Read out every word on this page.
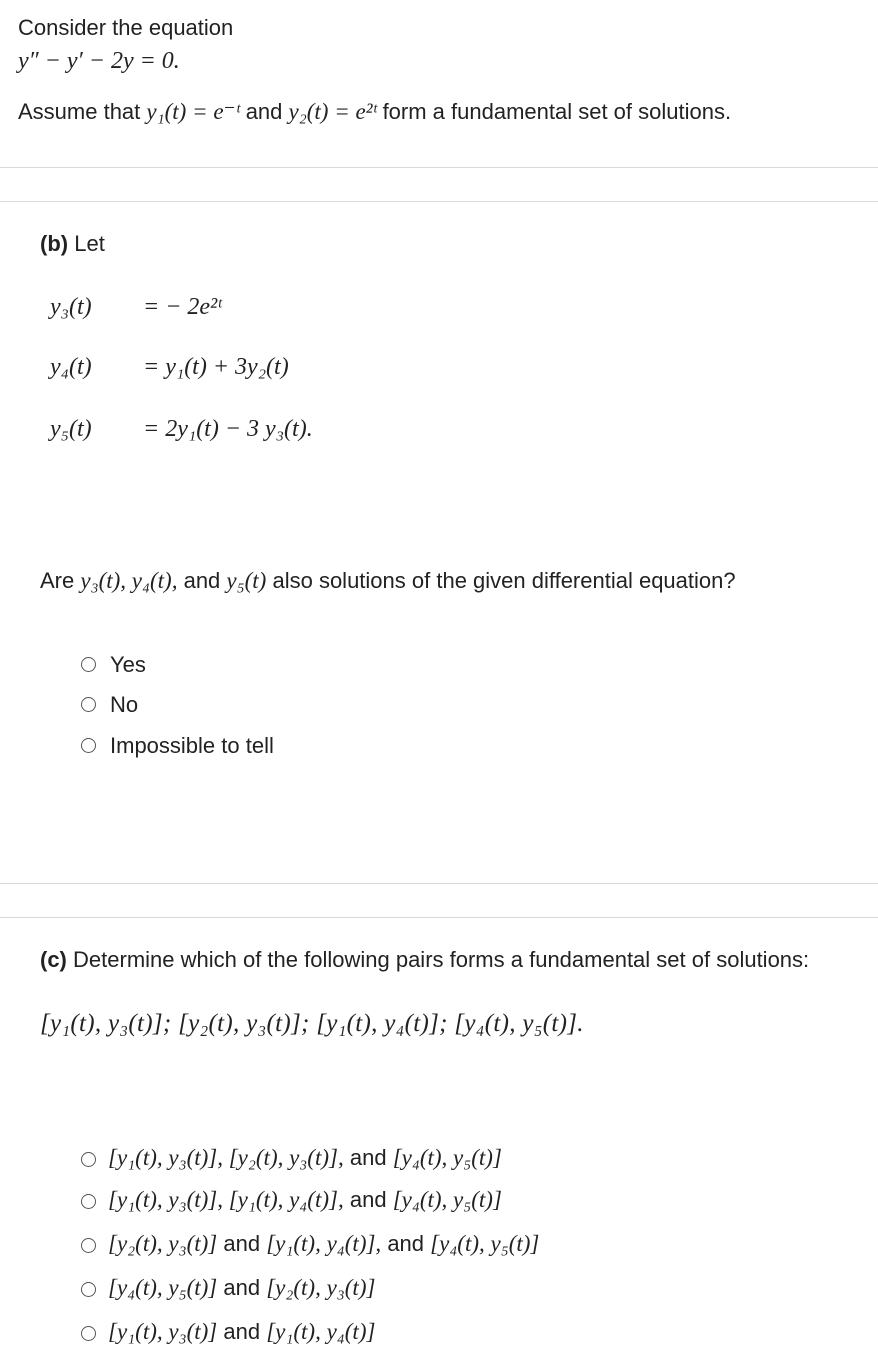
Consider the equation
y″ − y′ − 2y = 0.
Assume that y₁(t) = e⁻ᵗ and y₂(t) = e²ᵗ form a fundamental set of solutions.
(b) Let
y₃(t) = − 2e²ᵗ
y₄(t) = y₁(t) + 3y₂(t)
y₅(t) = 2y₁(t) − 3 y₃(t).
Are y₃(t), y₄(t), and y₅(t) also solutions of the given differential equation?
Yes
No
Impossible to tell
(c) Determine which of the following pairs forms a fundamental set of solutions:
[y₁(t), y₃(t)]; [y₂(t), y₃(t)]; [y₁(t), y₄(t)]; [y₄(t), y₅(t)].
[y₁(t), y₃(t)], [y₂(t), y₃(t)], and [y₄(t), y₅(t)]
[y₁(t), y₃(t)], [y₁(t), y₄(t)], and [y₄(t), y₅(t)]
[y₂(t), y₃(t)] and [y₁(t), y₄(t)], and [y₄(t), y₅(t)]
[y₄(t), y₅(t)] and [y₂(t), y₃(t)]
[y₁(t), y₃(t)] and [y₁(t), y₄(t)]
